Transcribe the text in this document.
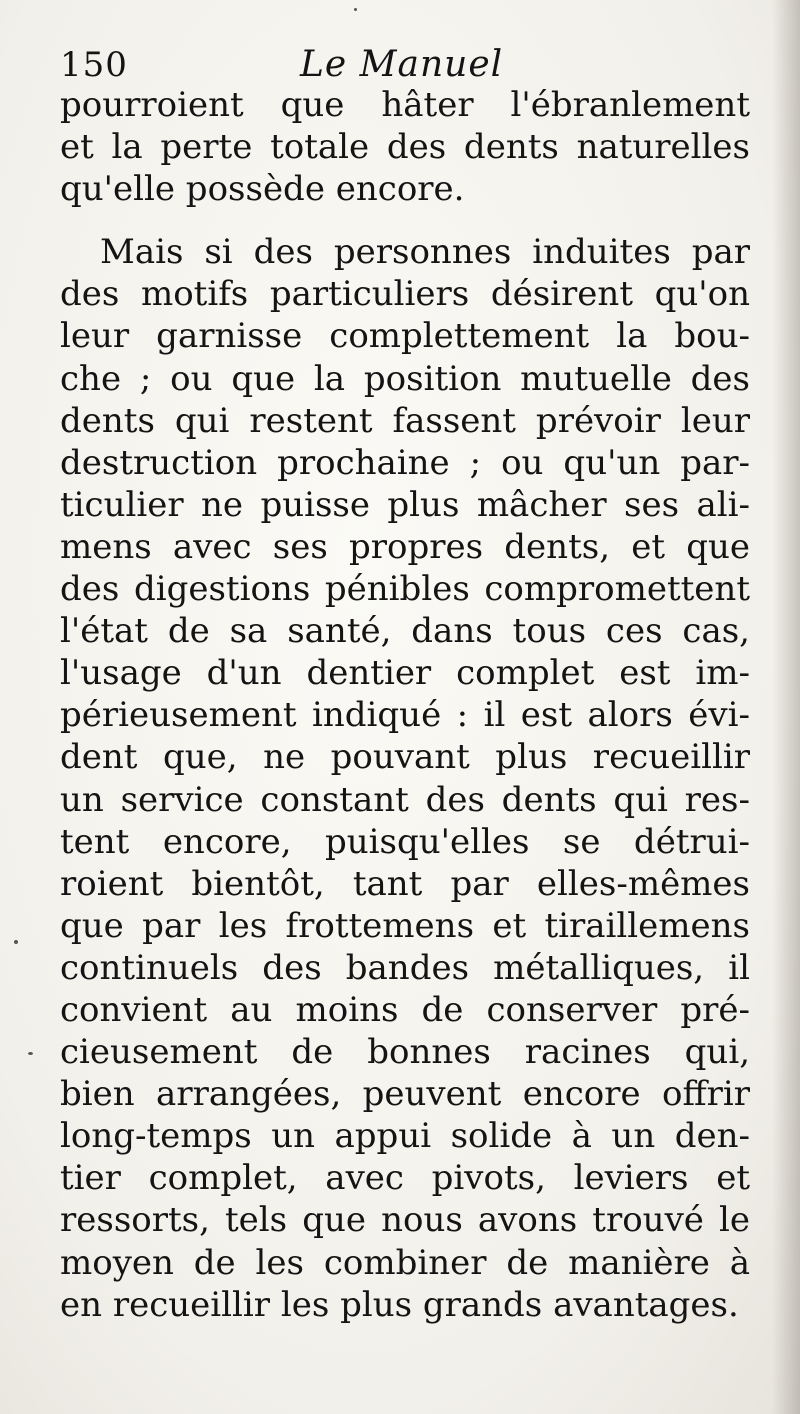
150	Le Manuel
pourroient que hâter l'ébranlement
et la perte totale des dents naturelles
qu'elle possède encore.
Mais si des personnes induites par
des motifs particuliers désirent qu'on
leur garnisse complettement la bou-
che ; ou que la position mutuelle des
dents qui restent fassent prévoir leur
destruction prochaine ; ou qu'un par-
ticulier ne puisse plus mâcher ses ali-
mens avec ses propres dents, et que
des digestions pénibles compromettent
l'état de sa santé, dans tous ces cas,
l'usage d'un dentier complet est im-
périeusement indiqué : il est alors évi-
dent que, ne pouvant plus recueillir
un service constant des dents qui res-
tent encore, puisqu'elles se détrui-
roient bientôt, tant par elles-mêmes
que par les frottemens et tiraillemens
continuels des bandes métalliques, il
convient au moins de conserver pré-
cieusement de bonnes racines qui,
bien arrangées, peuvent encore offrir
long-temps un appui solide à un den-
tier complet, avec pivots, leviers et
ressorts, tels que nous avons trouvé le
moyen de les combiner de manière à
en recueillir les plus grands avantages.
